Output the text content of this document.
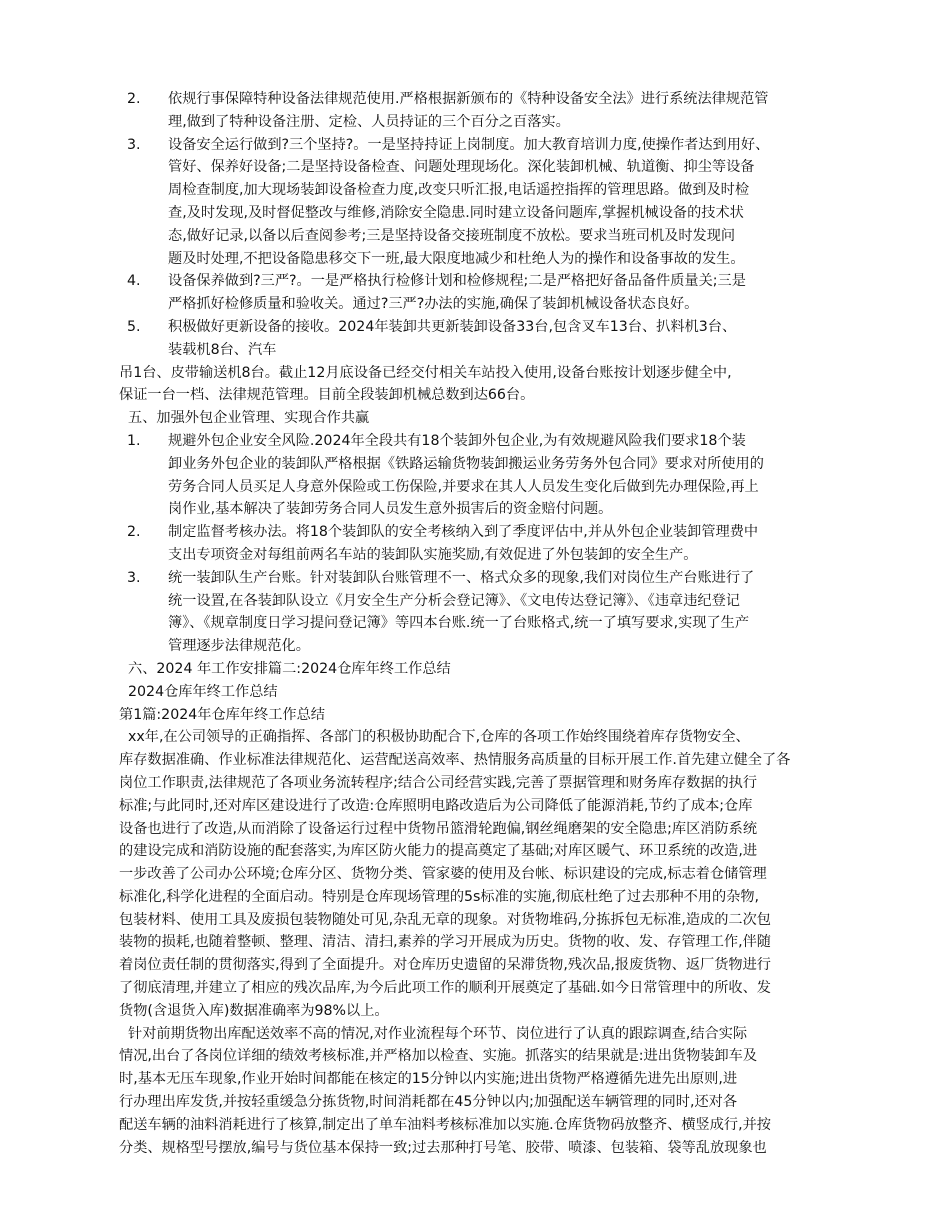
2. 依规行事保障特种设备法律规范使用.严格根据新颁布的《特种设备安全法》进行系统法律规范管
理,做到了特种设备注册、定检、人员持证的三个百分之百落实。
3. 设备安全运行做到?三个坚持?。一是坚持持证上岗制度。加大教育培训力度,使操作者达到用好、
管好、保养好设备;二是坚持设备检查、问题处理现场化。深化装卸机械、轨道衡、抑尘等设备
周检查制度,加大现场装卸设备检查力度,改变只听汇报,电话遥控指挥的管理思路。做到及时检
查,及时发现,及时督促整改与维修,消除安全隐患.同时建立设备问题库,掌握机械设备的技术状
态,做好记录,以备以后查阅参考;三是坚持设备交接班制度不放松。要求当班司机及时发现问
题及时处理,不把设备隐患移交下一班,最大限度地减少和杜绝人为的操作和设备事故的发生。
4. 设备保养做到?三严?。一是严格执行检修计划和检修规程;二是严格把好备品备件质量关;三是
严格抓好检修质量和验收关。通过?三严?办法的实施,确保了装卸机械设备状态良好。
5. 积极做好更新设备的接收。2024年装卸共更新装卸设备33台,包含叉车13台、扒料机3台、
装载机8台、汽车
吊1台、皮带输送机8台。截止12月底设备已经交付相关车站投入使用,设备台账按计划逐步健全中,
保证一台一档、法律规范管理。目前全段装卸机械总数到达66台。
五、加强外包企业管理、实现合作共赢
1. 规避外包企业安全风险.2024年全段共有18个装卸外包企业,为有效规避风险我们要求18个装
卸业务外包企业的装卸队严格根据《铁路运输货物装卸搬运业务劳务外包合同》要求对所使用的
劳务合同人员买足人身意外保险或工伤保险,并要求在其人人员发生变化后做到先办理保险,再上
岗作业,基本解决了装卸劳务合同人员发生意外损害后的资金赔付问题。
2. 制定监督考核办法。将18个装卸队的安全考核纳入到了季度评估中,并从外包企业装卸管理费中
支出专项资金对每组前两名车站的装卸队实施奖励,有效促进了外包装卸的安全生产。
3. 统一装卸队生产台账。针对装卸队台账管理不一、格式众多的现象,我们对岗位生产台账进行了
统一设置,在各装卸队设立《月安全生产分析会登记簿》、《文电传达登记簿》、《违章违纪登记
簿》、《规章制度日学习提问登记簿》等四本台账.统一了台账格式,统一了填写要求,实现了生产
管理逐步法律规范化。
六、2024 年工作安排篇二:2024仓库年终工作总结
2024仓库年终工作总结
第1篇:2024年仓库年终工作总结
xx年,在公司领导的正确指挥、各部门的积极协助配合下,仓库的各项工作始终围绕着库存货物安全、
库存数据准确、作业标准法律规范化、运营配送高效率、热情服务高质量的目标开展工作.首先建立健全了各
岗位工作职责,法律规范了各项业务流转程序;结合公司经营实践,完善了票据管理和财务库存数据的执行
标准;与此同时,还对库区建设进行了改造:仓库照明电路改造后为公司降低了能源消耗,节约了成本;仓库
设备也进行了改造,从而消除了设备运行过程中货物吊篮滑轮跑偏,钢丝绳磨架的安全隐患;库区消防系统
的建设完成和消防设施的配套落实,为库区防火能力的提高奠定了基础;对库区暖气、环卫系统的改造,进
一步改善了公司办公环境;仓库分区、货物分类、管家婆的使用及台帐、标识建设的完成,标志着仓储管理
标准化,科学化进程的全面启动。特别是仓库现场管理的5s标准的实施,彻底杜绝了过去那种不用的杂物,
包装材料、使用工具及废损包装物随处可见,杂乱无章的现象。对货物堆码,分拣拆包无标准,造成的二次包
装物的损耗,也随着整顿、整理、清洁、清扫,素养的学习开展成为历史。货物的收、发、存管理工作,伴随
着岗位责任制的贯彻落实,得到了全面提升。对仓库历史遗留的呆滞货物,残次品,报废货物、返厂货物进行
了彻底清理,并建立了相应的残次品库,为今后此项工作的顺利开展奠定了基础.如今日常管理中的所收、发
货物(含退货入库)数据准确率为98%以上。
针对前期货物出库配送效率不高的情况,对作业流程每个环节、岗位进行了认真的跟踪调查,结合实际
情况,出台了各岗位详细的绩效考核标准,并严格加以检查、实施。抓落实的结果就是:进出货物装卸车及
时,基本无压车现象,作业开始时间都能在核定的15分钟以内实施;进出货物严格遵循先进先出原则,进
行办理出库发货,并按轻重缓急分拣货物,时间消耗都在45分钟以内;加强配送车辆管理的同时,还对各
配送车辆的油料消耗进行了核算,制定出了单车油料考核标准加以实施.仓库货物码放整齐、横竖成行,并按
分类、规格型号摆放,编号与货位基本保持一致;过去那种打号笔、胶带、喷漆、包装箱、袋等乱放现象也
